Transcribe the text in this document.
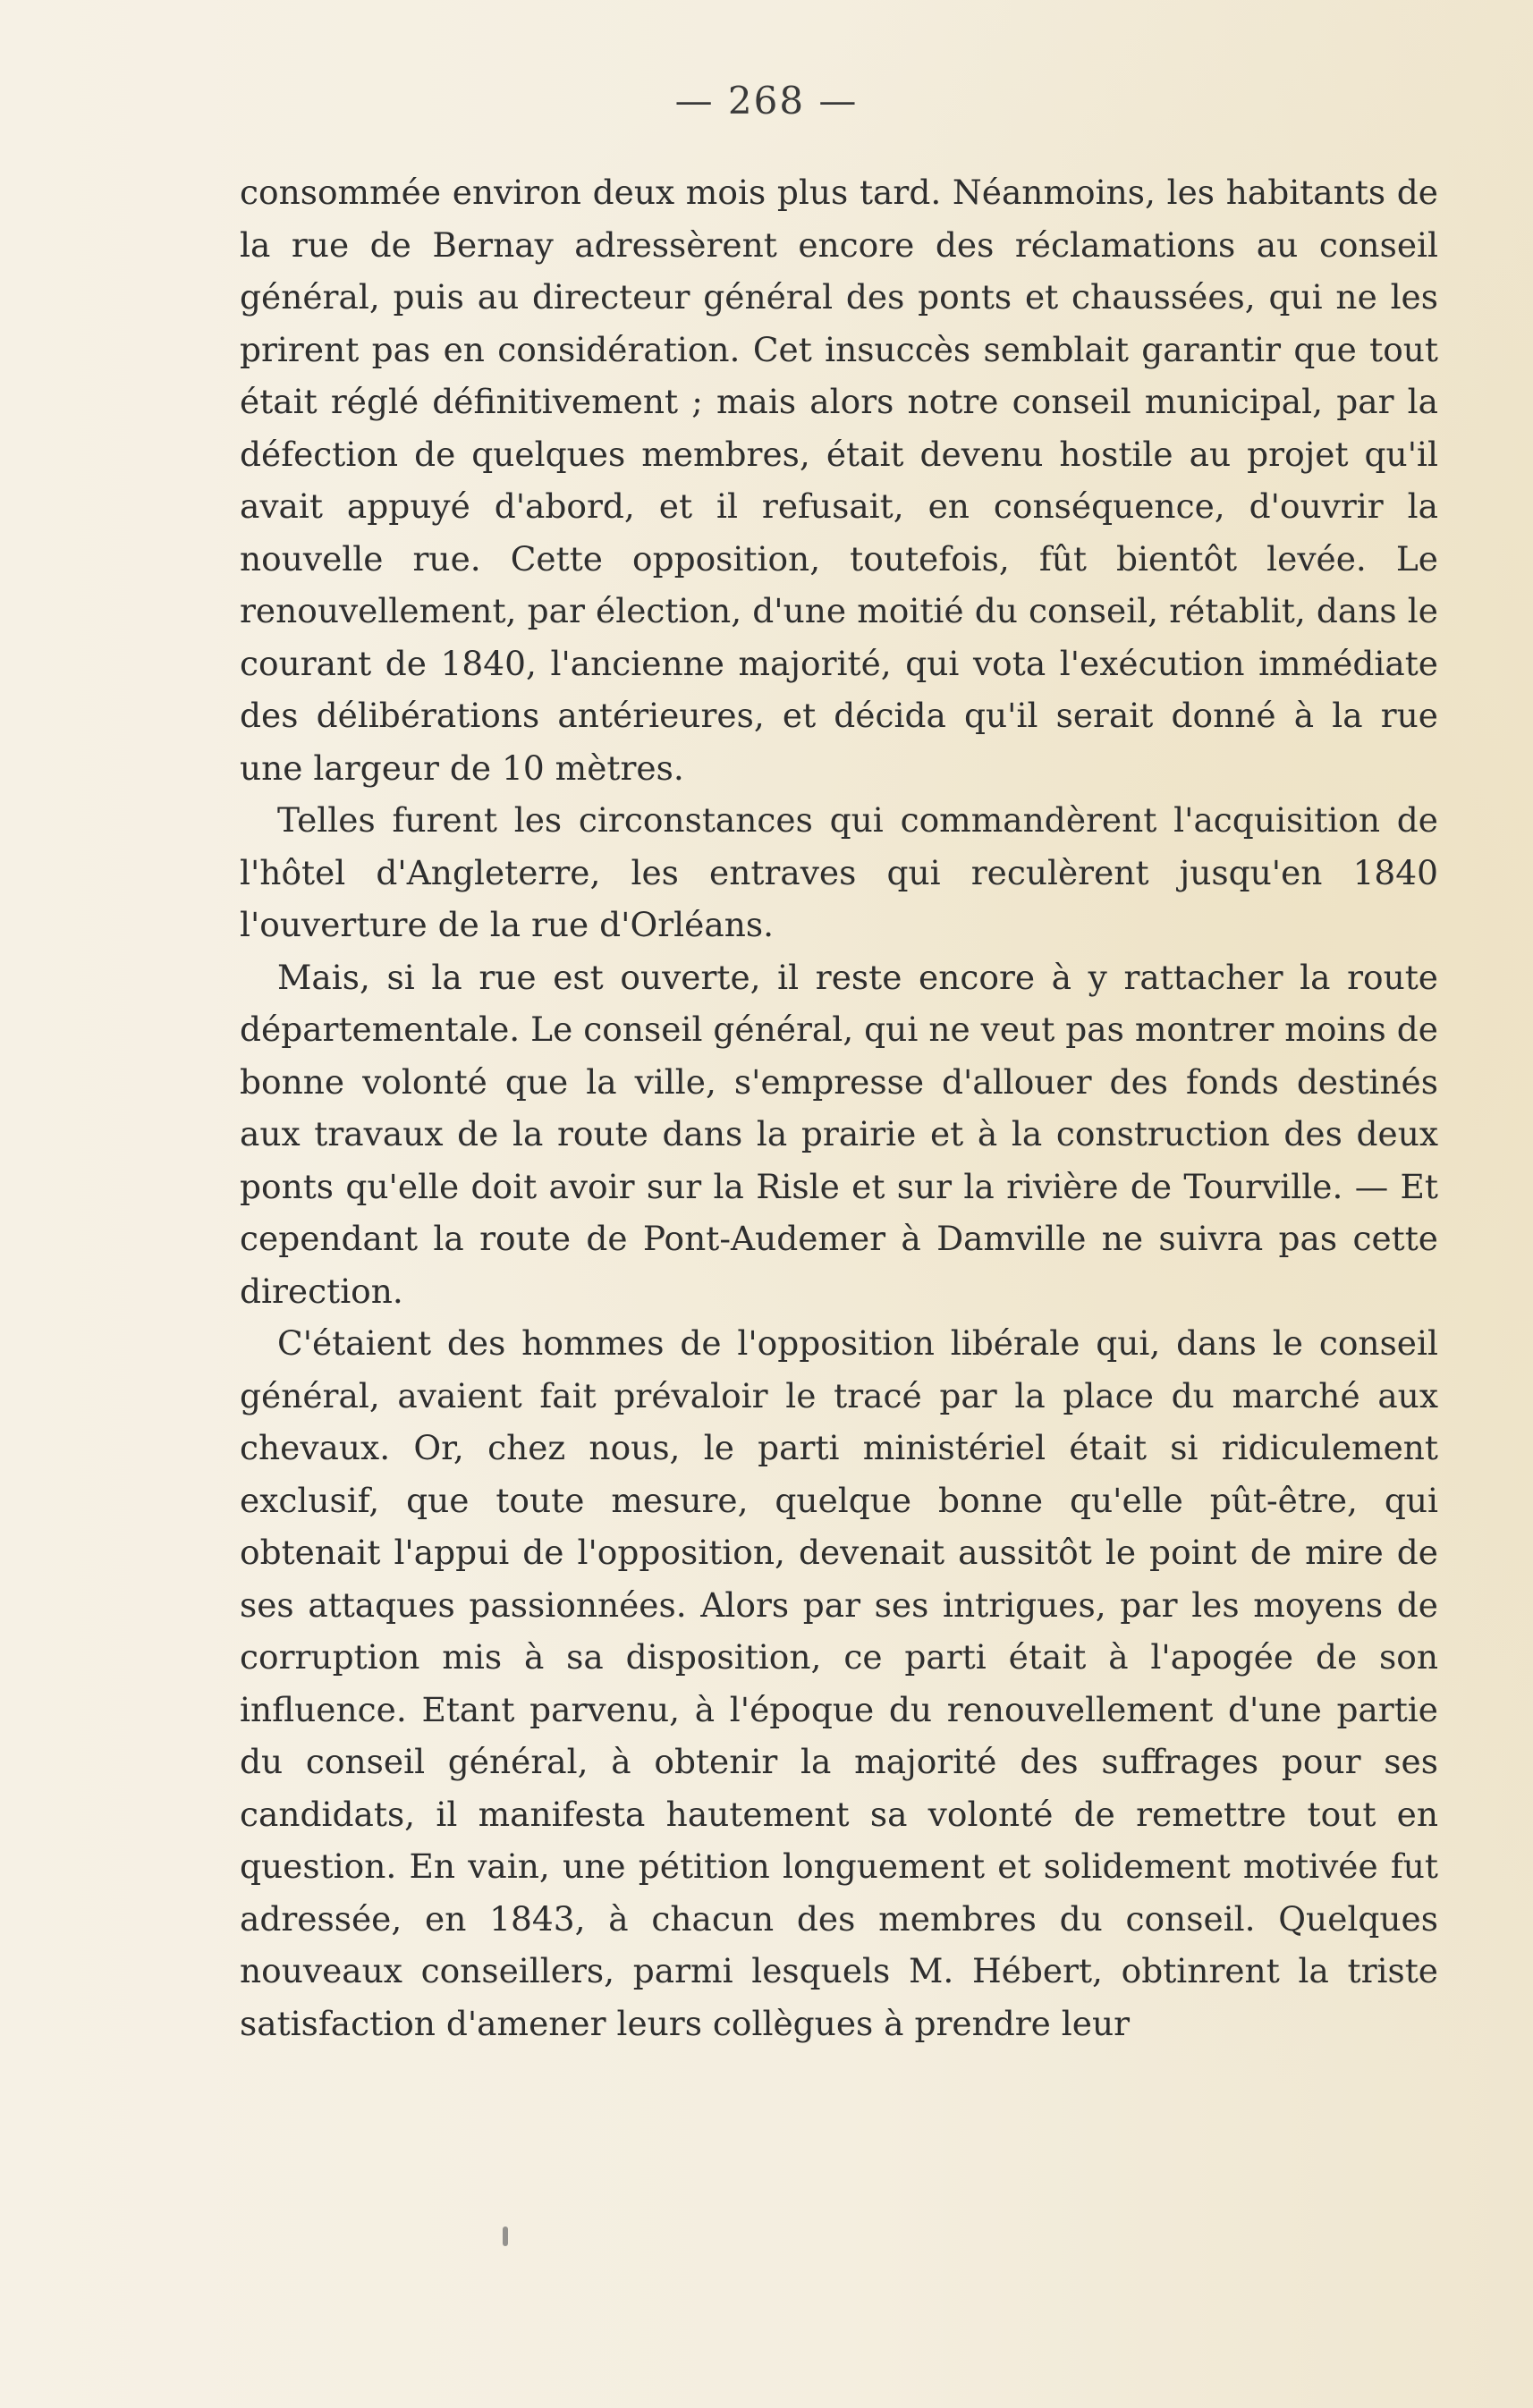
— 268 —

consommée environ deux mois plus tard. Néanmoins, les habitants de la rue de Bernay adressèrent encore des réclamations au conseil général, puis au directeur général des ponts et chaussées, qui ne les prirent pas en considération. Cet insuccès semblait garantir que tout était réglé définitivement ; mais alors notre conseil municipal, par la défection de quelques membres, était devenu hostile au projet qu'il avait appuyé d'abord, et il refusait, en conséquence, d'ouvrir la nouvelle rue. Cette opposition, toutefois, fût bientôt levée. Le renouvellement, par élection, d'une moitié du conseil, rétablit, dans le courant de 1840, l'ancienne majorité, qui vota l'exécution immédiate des délibérations antérieures, et décida qu'il serait donné à la rue une largeur de 10 mètres.

Telles furent les circonstances qui commandèrent l'acquisition de l'hôtel d'Angleterre, les entraves qui reculèrent jusqu'en 1840 l'ouverture de la rue d'Orléans.

Mais, si la rue est ouverte, il reste encore à y rattacher la route départementale. Le conseil général, qui ne veut pas montrer moins de bonne volonté que la ville, s'empresse d'allouer des fonds destinés aux travaux de la route dans la prairie et à la construction des deux ponts qu'elle doit avoir sur la Risle et sur la rivière de Tourville. — Et cependant la route de Pont-Audemer à Damville ne suivra pas cette direction.

C'étaient des hommes de l'opposition libérale qui, dans le conseil général, avaient fait prévaloir le tracé par la place du marché aux chevaux. Or, chez nous, le parti ministériel était si ridiculement exclusif, que toute mesure, quelque bonne qu'elle pût-être, qui obtenait l'appui de l'opposition, devenait aussitôt le point de mire de ses attaques passionnées. Alors par ses intrigues, par les moyens de corruption mis à sa disposition, ce parti était à l'apogée de son influence. Etant parvenu, à l'époque du renouvellement d'une partie du conseil général, à obtenir la majorité des suffrages pour ses candidats, il manifesta hautement sa volonté de remettre tout en question. En vain, une pétition longuement et solidement motivée fut adressée, en 1843, à chacun des membres du conseil. Quelques nouveaux conseillers, parmi lesquels M. Hébert, obtinrent la triste satisfaction d'amener leurs collègues à prendre leur
